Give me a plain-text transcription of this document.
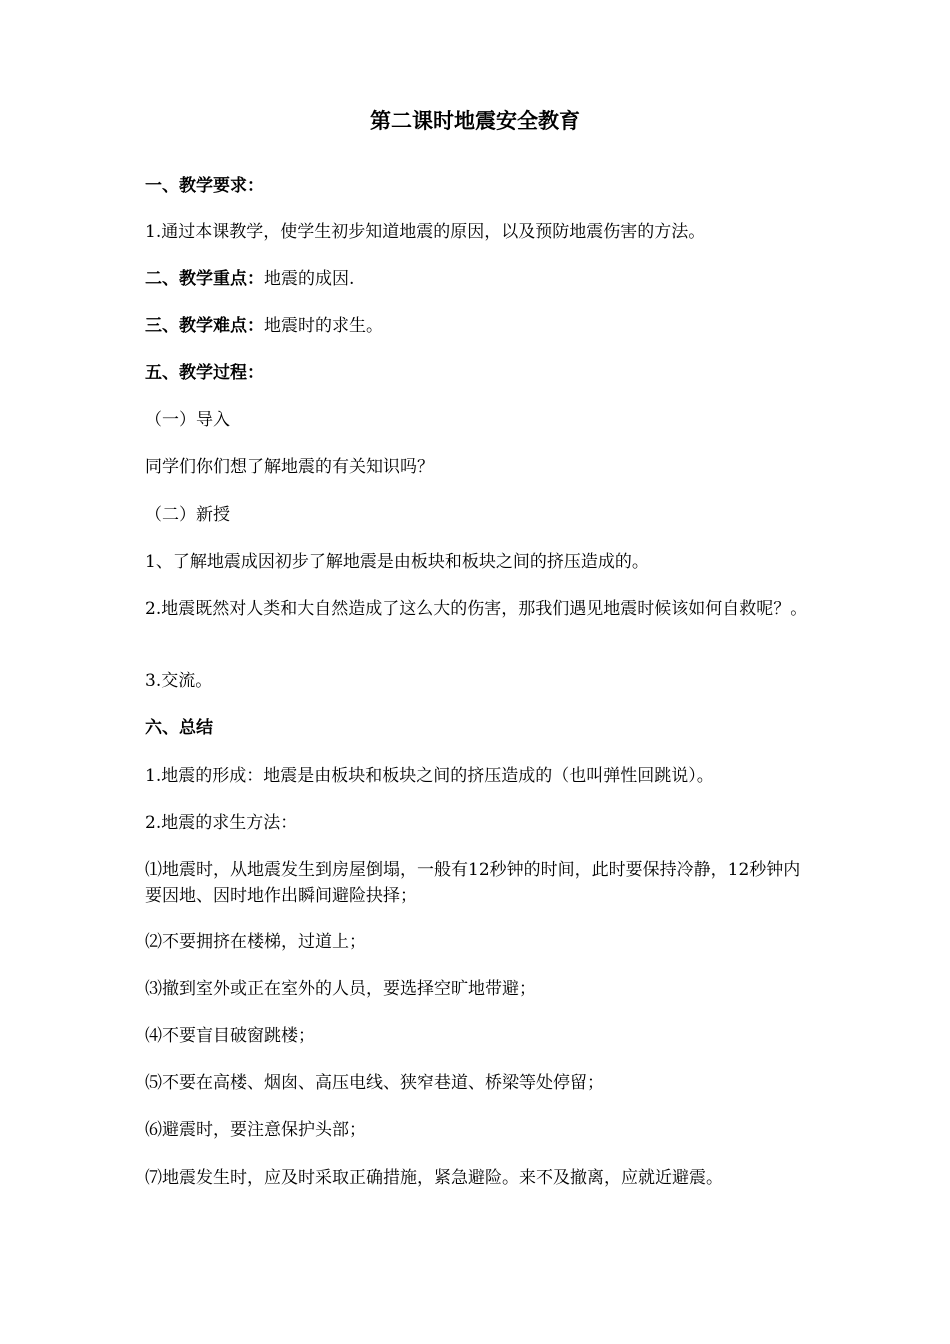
第二课时地震安全教育
一、教学要求：
1.通过本课教学，使学生初步知道地震的原因，以及预防地震伤害的方法。
二、教学重点：地震的成因.
三、教学难点：地震时的求生。
五、教学过程：
（一）导入
同学们你们想了解地震的有关知识吗？
（二）新授
1、了解地震成因初步了解地震是由板块和板块之间的挤压造成的。
2.地震既然对人类和大自然造成了这么大的伤害，那我们遇见地震时候该如何自救呢？。
3.交流。
六、总结
1.地震的形成：地震是由板块和板块之间的挤压造成的（也叫弹性回跳说）。
2.地震的求生方法：
⑴地震时，从地震发生到房屋倒塌，一般有12秒钟的时间，此时要保持冷静，12秒钟内要因地、因时地作出瞬间避险抉择；
⑵不要拥挤在楼梯，过道上；
⑶撤到室外或正在室外的人员，要选择空旷地带避；
⑷不要盲目破窗跳楼；
⑸不要在高楼、烟囱、高压电线、狭窄巷道、桥梁等处停留；
⑹避震时，要注意保护头部；
⑺地震发生时，应及时采取正确措施，紧急避险。来不及撤离，应就近避震。
